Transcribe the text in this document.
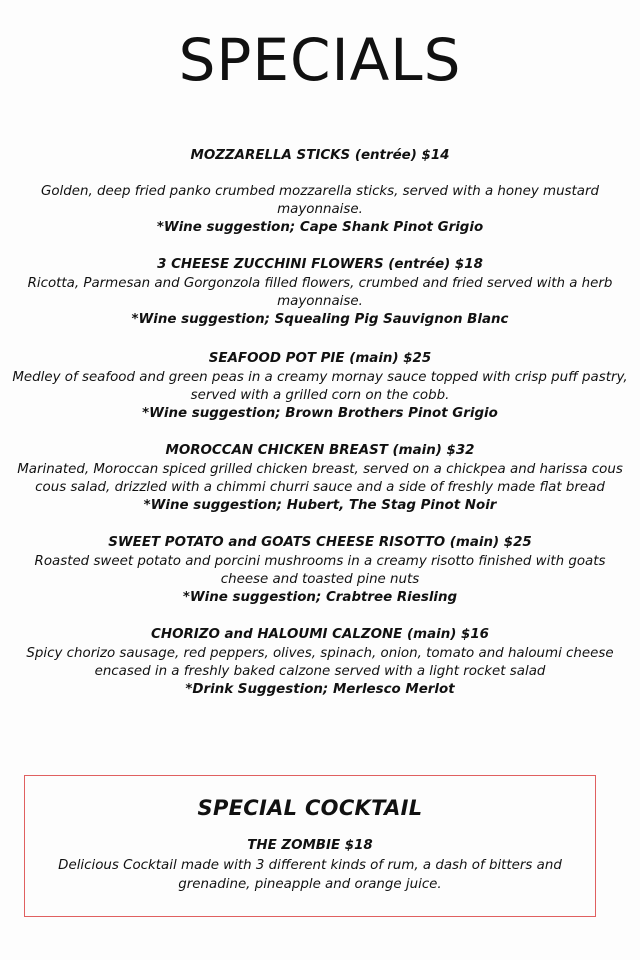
SPECIALS
MOZZARELLA STICKS (entrée) $14
Golden, deep fried panko crumbed mozzarella sticks, served with a honey mustard mayonnaise.
*Wine suggestion; Cape Shank Pinot Grigio
3 CHEESE ZUCCHINI FLOWERS (entrée) $18
Ricotta, Parmesan and Gorgonzola filled flowers, crumbed and fried served with a herb mayonnaise.
*Wine suggestion; Squealing Pig Sauvignon Blanc
SEAFOOD POT PIE (main) $25
Medley of seafood and green peas in a creamy mornay sauce topped with crisp puff pastry, served with a grilled corn on the cobb.
*Wine suggestion; Brown Brothers Pinot Grigio
MOROCCAN CHICKEN BREAST (main) $32
Marinated, Moroccan spiced grilled chicken breast, served on a chickpea and harissa cous cous salad, drizzled with a chimmi churri sauce and a side of freshly made flat bread
*Wine suggestion; Hubert, The Stag Pinot Noir
SWEET POTATO and GOATS CHEESE RISOTTO (main) $25
Roasted sweet potato and porcini mushrooms in a creamy risotto finished with goats cheese and toasted pine nuts
*Wine suggestion; Crabtree Riesling
CHORIZO and HALOUMI CALZONE (main) $16
Spicy chorizo sausage, red peppers, olives, spinach, onion, tomato and haloumi cheese encased in a freshly baked calzone served with a light rocket salad
*Drink Suggestion; Merlesco Merlot
SPECIAL COCKTAIL
THE ZOMBIE $18
Delicious Cocktail made with 3 different kinds of rum, a dash of bitters and grenadine, pineapple and orange juice.
